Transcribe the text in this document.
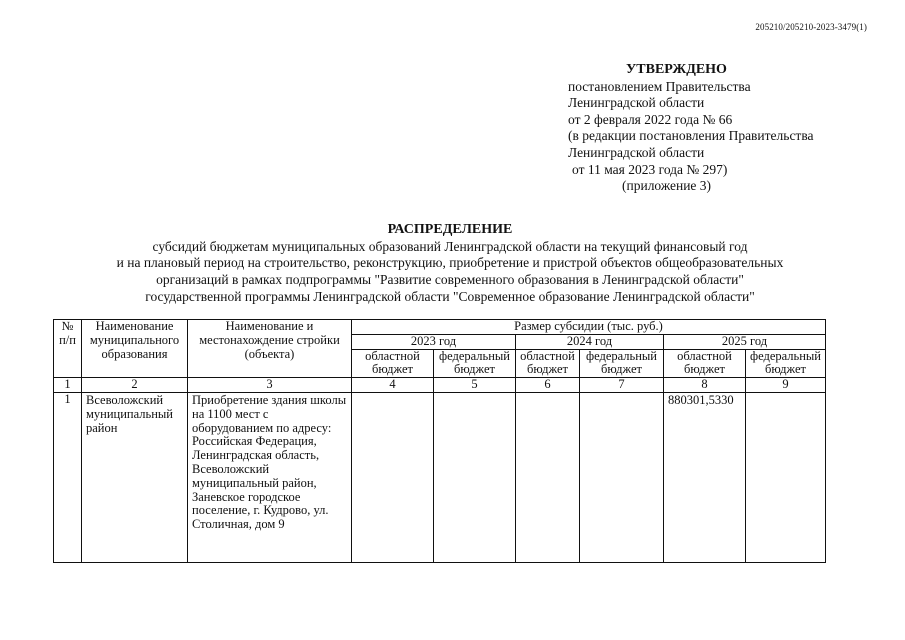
205210/205210-2023-3479(1)
УТВЕРЖДЕНО
постановлением Правительства
Ленинградской области
от 2 февраля 2022 года № 66
(в редакции постановления Правительства
Ленинградской области
от 11 мая 2023 года № 297)
(приложение 3)
РАСПРЕДЕЛЕНИЕ
субсидий бюджетам муниципальных образований Ленинградской области на текущий финансовый год
и на плановый период на строительство, реконструкцию, приобретение и пристрой объектов общеобразовательных
организаций в рамках подпрограммы "Развитие современного образования в Ленинградской области"
государственной программы Ленинградской области "Современное образование Ленинградской области"
№ п/п	Наименование муниципального образования	Наименование и местонахождение стройки (объекта)	Размер субсидии (тыс. руб.)					
			2023 год		2024 год		2025 год	
			областной бюджет	федеральный бюджет	областной бюджет	федеральный бюджет	областной бюджет	федеральный бюджет
1	2	3	4	5	6	7	8	9
1	Всеволожский муниципальный район	Приобретение здания школы на 1100 мест с оборудованием по адресу: Российская Федерация, Ленинградская область, Всеволожский муниципальный район, Заневское городское поселение, г. Кудрово, ул. Столичная, дом 9					880301,5330	
